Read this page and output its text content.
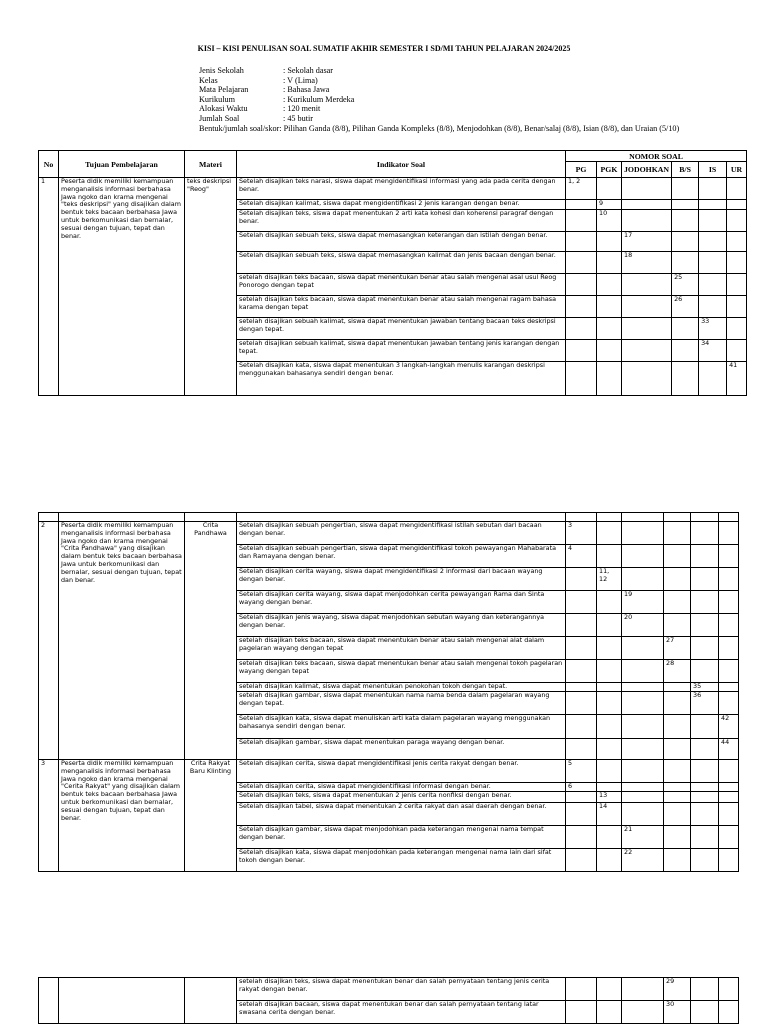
KISI – KISI PENULISAN SOAL SUMATIF AKHIR SEMESTER I SD/MI TAHUN PELAJARAN 2024/2025
Jenis Sekolah	: Sekolah dasar
Kelas	: V (Lima)
Mata Pelajaran	: Bahasa Jawa
Kurikulum	: Kurikulum Merdeka
Alokasi Waktu	: 120 menit
Jumlah Soal	: 45 butir
Bentuk/jumlah soal/skor : Pilihan Ganda (8/8), Pilihan Ganda Kompleks (8/8), Menjodohkan (8/8), Benar/salaj (8/8), Isian (8/8), dan Uraian (5/10)
No	Tujuan Pembelajaran	Materi	Indikator Soal	NOMOR SOAL					
				PG	PGK	JODOHKAN	B/S	IS	UR
1	Peserta didik memiliki kemampuan menganalisis informasi berbahasa Jawa ngoko dan krama mengenai "teks deskripsi" yang disajikan dalam bentuk teks bacaan berbahasa Jawa untuk berkomunikasi dan bernalar, sesuai dengan tujuan, tepat dan benar.	teks deskripsi "Reog"	Setelah disajikan teks narasi, siswa dapat mengidentifikasi informasi yang ada pada cerita dengan benar.	1, 2					
			Setelah disajikan kalimat, siswa dapat mengidentifikasi 2 jenis karangan dengan benar.		9				
			Setelah disajikan teks, siswa dapat menentukan 2 arti kata kohesi dan koherensi paragraf dengan benar.		10				
			Setelah disajikan sebuah teks, siswa dapat memasangkan keterangan dan istilah dengan benar.			17			
			Setelah disajikan sebuah teks, siswa dapat memasangkan kalimat dan jenis bacaan dengan benar.			18			
			setelah disajikan teks bacaan, siswa dapat menentukan benar atau salah mengenai asal usul Reog Ponorogo dengan tepat				25		
			setelah disajikan teks bacaan, siswa dapat menentukan benar atau salah mengenai ragam bahasa karama dengan tepat				26		
			setelah disajikan sebuah kalimat, siswa dapat menentukan jawaban tentang bacaan teks deskripsi dengan tepat.					33	
			setelah disajikan sebuah kalimat, siswa dapat menentukan jawaban tentang jenis karangan dengan tepat.					34	
			Setelah disajikan kata, siswa dapat menentukan 3 langkah-langkah menulis karangan deskripsi menggunakan bahasanya sendiri dengan benar.						41

2	Peserta didik memiliki kemampuan menganalisis informasi berbahasa Jawa ngoko dan krama mengenai "Crita Pandhawa" yang disajikan dalam bentuk teks bacaan berbahasa Jawa untuk berkomunikasi dan bernalar, sesuai dengan tujuan, tepat dan benar.	Crita Pandhawa	Setelah disajikan sebuah pengertian, siswa dapat mengidentifikasi istilah sebutan dari bacaan dengan benar.	3					
			Setelah disajikan sebuah pengertian, siswa dapat mengidentifikasi tokoh pewayangan Mahabarata dan Ramayana dengan benar.	4					
			Setelah disajikan cerita wayang, siswa dapat mengidentifikasi 2 informasi dari bacaan wayang dengan benar.		11, 12				
			Setelah disajikan cerita wayang, siswa dapat menjodohkan cerita pewayangan Rama dan Sinta wayang dengan benar.			19			
			Setelah disajikan jenis wayang, siswa dapat menjodohkan sebutan wayang dan keterangannya dengan benar.			20			
			setelah disajikan teks bacaan, siswa dapat menentukan benar atau salah mengenai alat dalam pagelaran wayang dengan tepat				27		
			setelah disajikan teks bacaan, siswa dapat menentukan benar atau salah mengenai tokoh pagelaran wayang dengan tepat				28		
			setelah disajikan kalimat, siswa dapat menentukan penokohan tokoh dengan tepat.					35	
			setelah disajikan gambar, siswa dapat menentukan nama nama benda dalam pagelaran wayang dengan tepat.					36	
			Setelah disajikan kata, siswa dapat menuliskan arti kata dalam pagelaran wayang menggunakan bahasanya sendiri dengan benar.						42
			Setelah disajikan gambar, siswa dapat menentukan paraga wayang dengan benar.						44
3	Peserta didik memiliki kemampuan menganalisis informasi berbahasa Jawa ngoko dan krama mengenai "Cerita Rakyat" yang disajikan dalam bentuk teks bacaan berbahasa Jawa untuk berkomunikasi dan bernalar, sesuai dengan tujuan, tepat dan benar.	Crita Rakyat Baru Klinting	Setelah disajikan cerita, siswa dapat mengidentifikasi jenis cerita rakyat dengan benar.	5					
			Setelah disajikan cerita, siswa dapat mengidentifikasi informasi dengan benar.	6					
			Setelah disajikan teks, siswa dapat menentukan 2 jenis cerita nonfiksi dengan benar.		13				
			Setelah disajikan tabel, siswa dapat menentukan 2 cerita rakyat dan asal daerah dengan benar.		14				
			Setelah disajikan gambar, siswa dapat menjodohkan pada keterangan mengenai nama tempat dengan benar.			21			
			Setelah disajikan kata, siswa dapat menjodohkan pada keterangan mengenai nama lain dari sifat tokoh dengan benar.			22			
			setelah disajikan teks, siswa dapat menentukan benar dan salah pernyataan tentang jenis cerita rakyat dengan benar.				29		
			setelah disajikan bacaan, siswa dapat menentukan benar dan salah pernyataan tentang latar swasana cerita dengan benar.				30		
